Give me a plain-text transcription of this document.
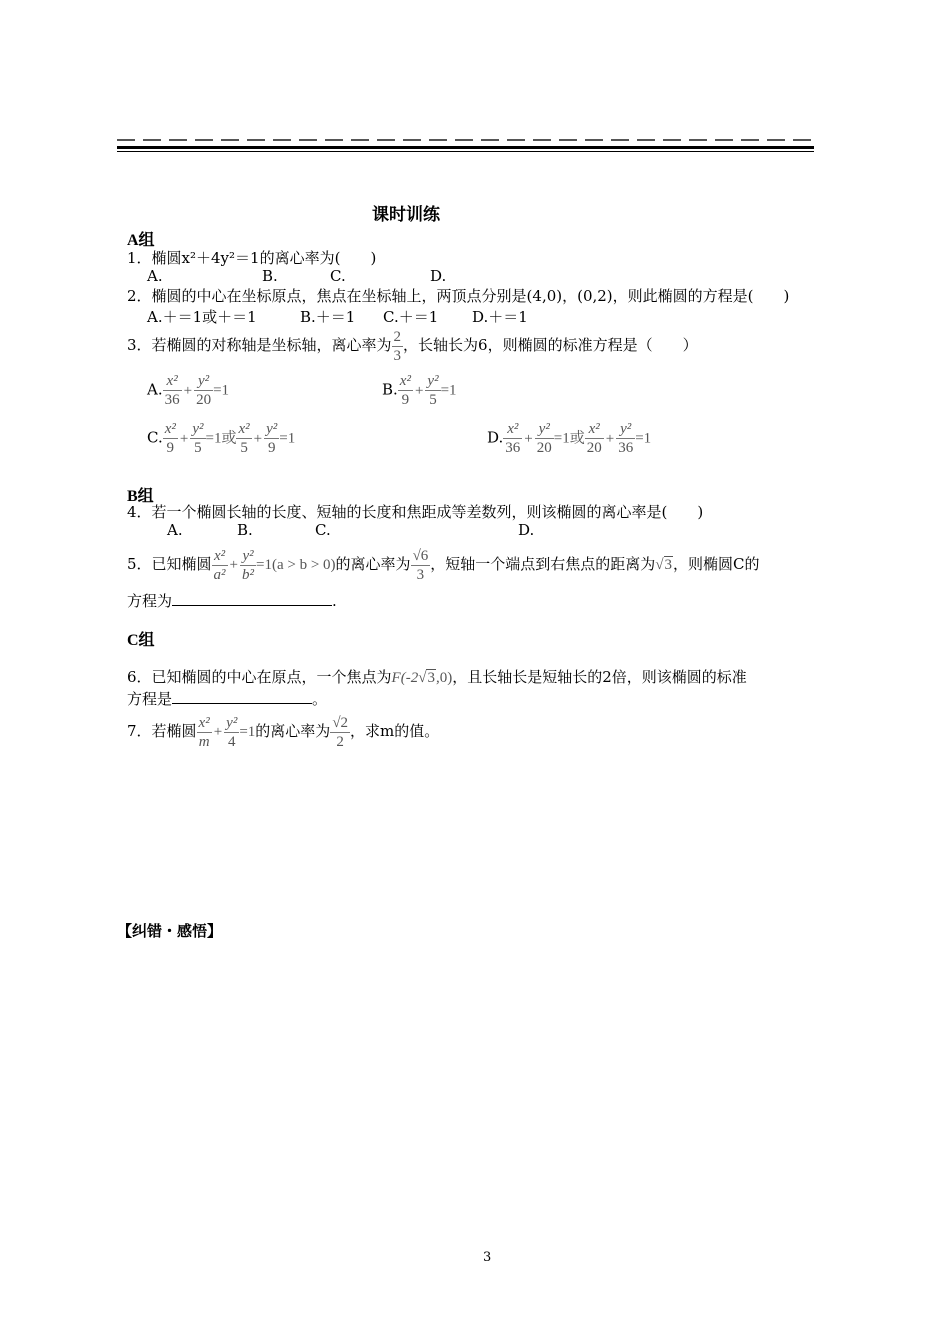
课时训练
A组
1．椭圆x²＋4y²＝1的离心率为(　　)
A.	B.	C.	D.
2．椭圆的中心在坐标原点，焦点在坐标轴上，两顶点分别是(4,0)，(0,2)，则此椭圆的方程是(　　)
A.＋＝1或＋＝1	B.＋＝1 C.＋＝1 D.＋＝1
3．若椭圆的对称轴是坐标轴，离心率为 $\frac{2}{3}$ ，长轴长为6，则椭圆的标准方程是（　　）
A. $\frac{\text{x²}}{36} + \frac{\text{y²}}{20} =1$	B. $\frac{\text{x²}}{9} + \frac{\text{y²}}{5} =1$
C. $\frac{\text{x²}}{9} + \frac{\text{y²}}{5} =1$或 $\frac{\text{x²}}{5} + \frac{\text{y²}}{9} =1$	D. $\frac{\text{x²}}{36} + \frac{\text{y²}}{20} =1$或 $\frac{\text{x²}}{20} + \frac{\text{y²}}{36} =1$
B组
4．若一个椭圆长轴的长度、短轴的长度和焦距成等差数列，则该椭圆的离心率是(　　)
A.	B.	C.	D.
5．已知椭圆 $\frac{\text{x²}}{\text{a²}} + \frac{\text{y²}}{\text{b²}} =1(a > b > 0)$的离心率为 $\frac{√6}{3}$ ，短轴一个端点到右焦点的距离为√3，则椭圆C的
方程为	.
C组
6．已知椭圆的中心在原点，一个焦点为F(-2√3,0)，且长轴长是短轴长的2倍，则该椭圆的标准
方程是	。
7．若椭圆 $\frac{\text{x²}}{m} + \frac{\text{y²}}{4} =1$的离心率为 $\frac{√2}{2}$ ，求m的值。
【纠错・感悟】
3
